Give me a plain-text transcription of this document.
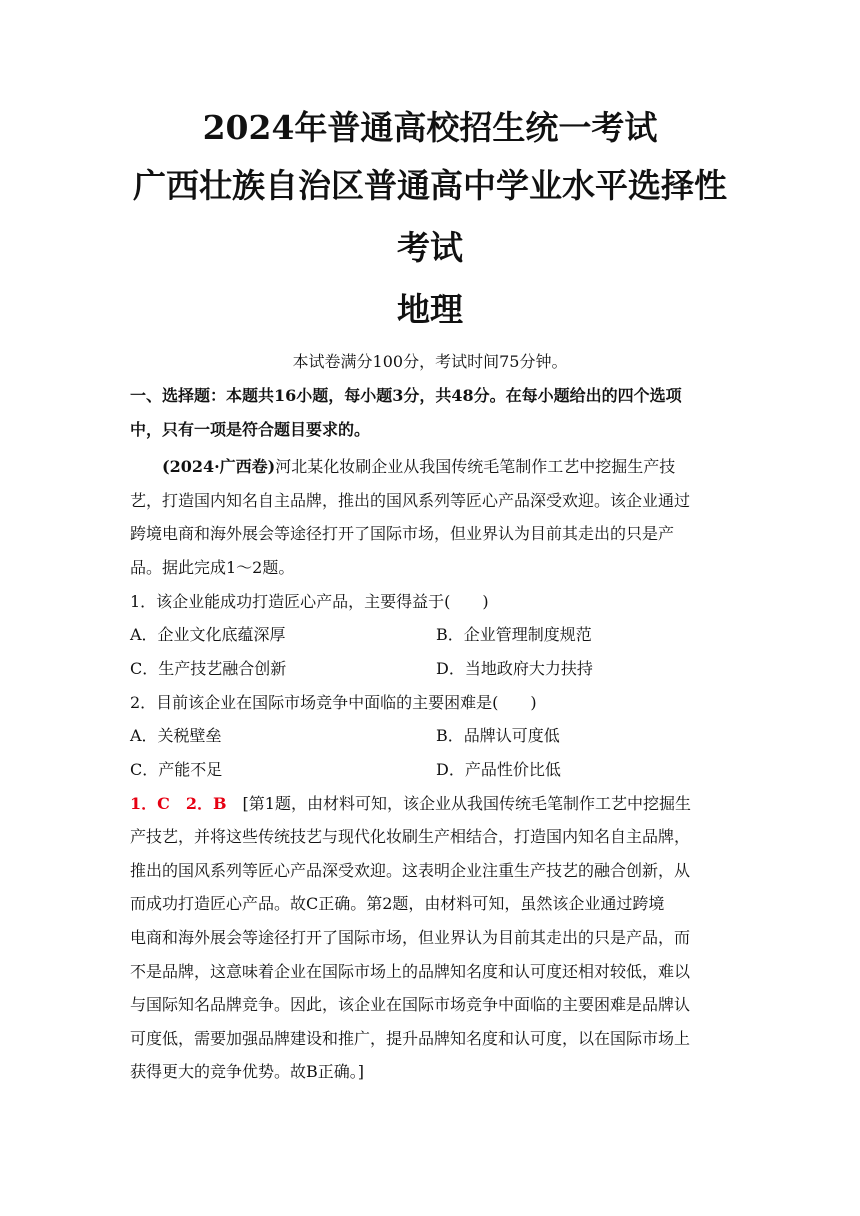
2024年普通高校招生统一考试
广西壮族自治区普通高中学业水平选择性
考试
地理
本试卷满分100分，考试时间75分钟。
一、选择题：本题共16小题，每小题3分，共48分。在每小题给出的四个选项
中，只有一项是符合题目要求的。
(2024·广西卷)河北某化妆刷企业从我国传统毛笔制作工艺中挖掘生产技
艺，打造国内知名自主品牌，推出的国风系列等匠心产品深受欢迎。该企业通过
跨境电商和海外展会等途径打开了国际市场，但业界认为目前其走出的只是产
品。据此完成1～2题。
1．该企业能成功打造匠心产品，主要得益于(　　)
A．企业文化底蕴深厚	B．企业管理制度规范
C．生产技艺融合创新	D．当地政府大力扶持
2．目前该企业在国际市场竞争中面临的主要困难是(　　)
A．关税壁垒	B．品牌认可度低
C．产能不足	D．产品性价比低
1．C　2．B　 [第1题，由材料可知，该企业从我国传统毛笔制作工艺中挖掘生
产技艺，并将这些传统技艺与现代化妆刷生产相结合，打造国内知名自主品牌，
推出的国风系列等匠心产品深受欢迎。这表明企业注重生产技艺的融合创新，从
而成功打造匠心产品。故C正确。第2题，由材料可知，虽然该企业通过跨境
电商和海外展会等途径打开了国际市场，但业界认为目前其走出的只是产品，而
不是品牌，这意味着企业在国际市场上的品牌知名度和认可度还相对较低，难以
与国际知名品牌竞争。因此，该企业在国际市场竞争中面临的主要困难是品牌认
可度低，需要加强品牌建设和推广，提升品牌知名度和认可度，以在国际市场上
获得更大的竞争优势。故B正确。]
